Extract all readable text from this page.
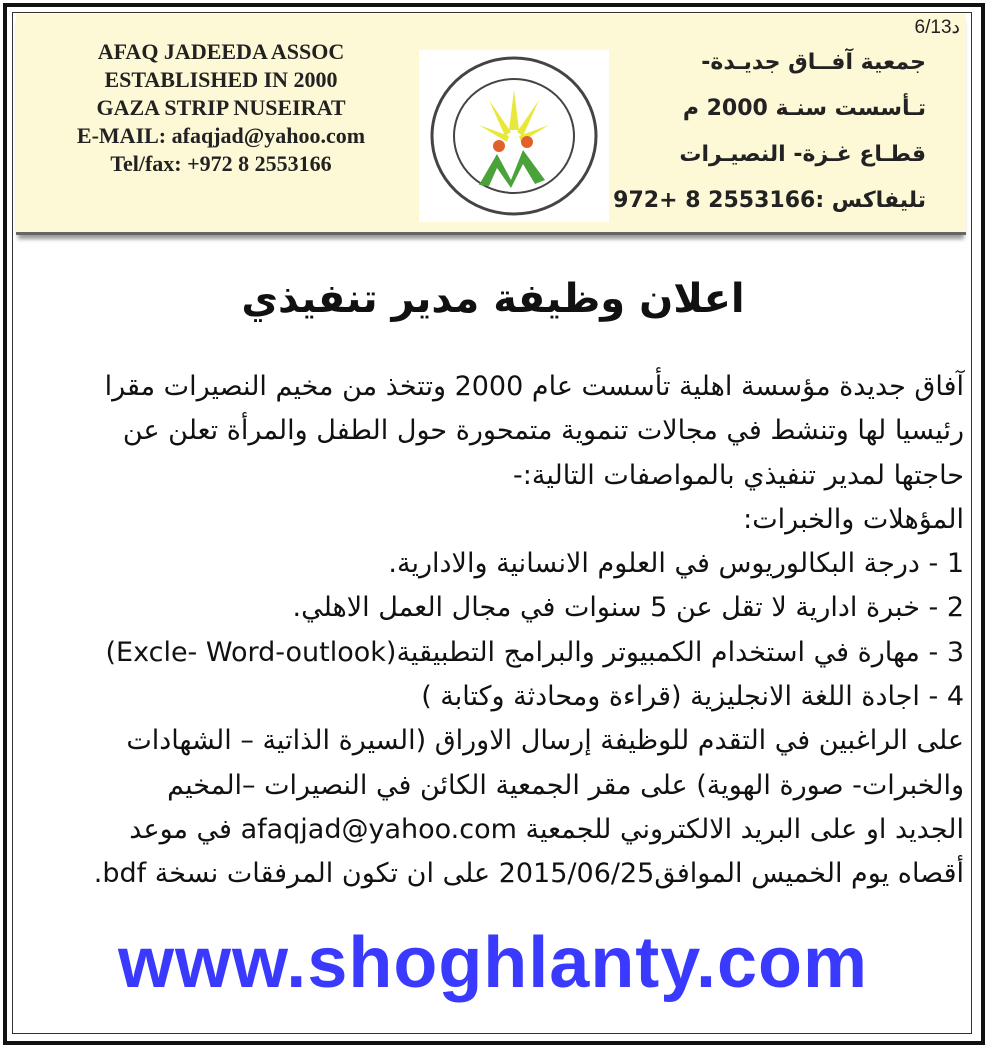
6/13د
AFAQ JADEEDA ASSOC
ESTABLISHED IN 2000
GAZA STRIP NUSEIRAT
E-MAIL: afaqjad@yahoo.com
Tel/fax: +972 8 2553166
جمعية آفــاق جديـدة-
تـأسست سنـة 2000 م
قطـاع غـزة- النصيـرات
تليفاكس :2553166 8 +972
اعلان وظيفة مدير تنفيذي
آفاق جديدة مؤسسة اهلية تأسست عام 2000 وتتخذ من مخيم النصيرات مقرا
رئيسيا لها وتنشط في مجالات تنموية متمحورة حول الطفل والمرأة تعلن عن
حاجتها لمدير تنفيذي بالمواصفات التالية:-
المؤهلات والخبرات:
1 - درجة البكالوريوس في العلوم الانسانية والادارية.
2 - خبرة ادارية لا تقل عن 5 سنوات في مجال العمل الاهلي.
3 - مهارة في استخدام الكمبيوتر والبرامج التطبيقية(Excle- Word-outlook)
4 - اجادة اللغة الانجليزية (قراءة ومحادثة وكتابة )
على الراغبين في التقدم للوظيفة إرسال الاوراق (السيرة الذاتية – الشهادات
والخبرات- صورة الهوية) على مقر الجمعية الكائن في النصيرات –المخيم
الجديد او على البريد الالكتروني للجمعية afaqjad@yahoo.com في موعد
أقصاه يوم الخميس الموافق2015/06/25 على ان تكون المرفقات نسخة bdf.
www.shoghlanty.com
